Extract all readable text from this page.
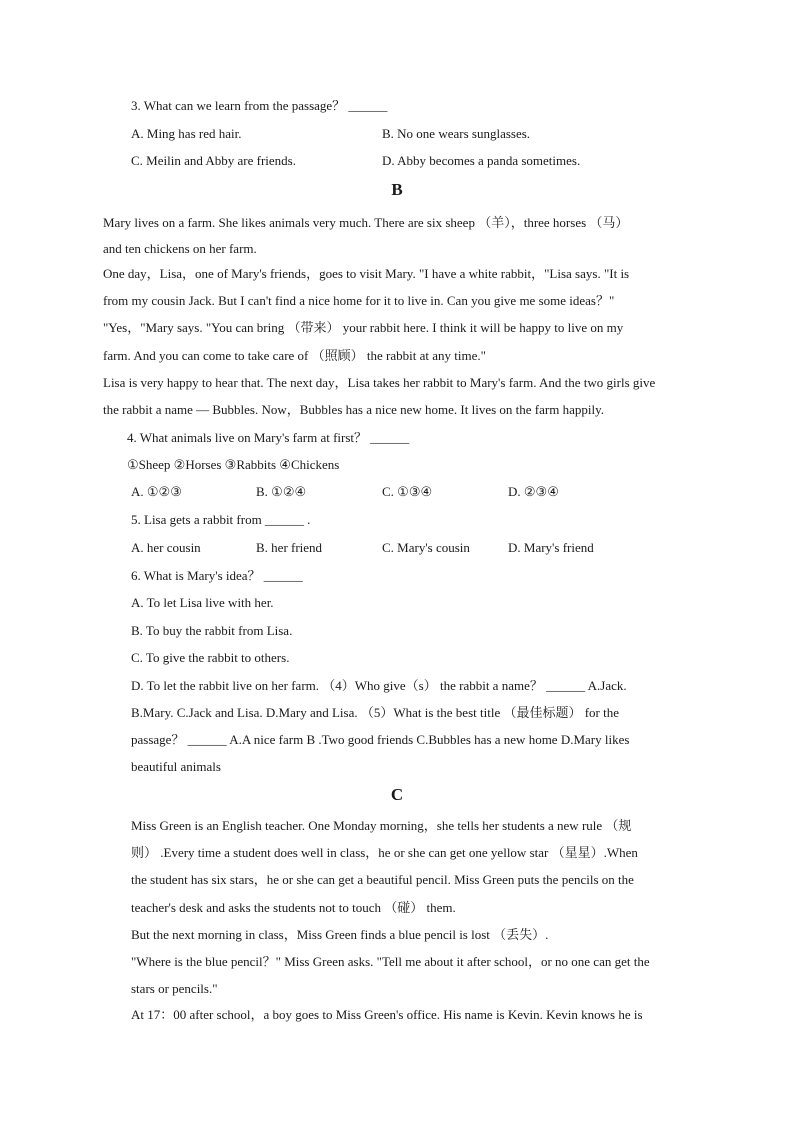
3. What can we learn from the passage？ ______
A. Ming has red hair.	B. No one wears sunglasses.
C. Meilin and Abby are friends.	D. Abby becomes a panda sometimes.
B
Mary lives on a farm. She likes animals very much. There are six sheep （羊），three horses （马）
and ten chickens on her farm.
One day，Lisa，one of Mary's friends，goes to visit Mary. "I have a white rabbit，"Lisa says. "It is
from my cousin Jack. But I can't find a nice home for it to live in. Can you give me some ideas？"
"Yes，"Mary says. "You can bring （带来） your rabbit here. I think it will be happy to live on my
farm. And you can come to take care of （照顾） the rabbit at any time."
Lisa is very happy to hear that. The next day，Lisa takes her rabbit to Mary's farm. And the two girls give
the rabbit a name — Bubbles. Now，Bubbles has a nice new home. It lives on the farm happily.
4. What animals live on Mary's farm at first？ ______
①Sheep ②Horses ③Rabbits ④Chickens
A. ①②③	B. ①②④	C. ①③④	D. ②③④
5. Lisa gets a rabbit from ______ .
A. her cousin	B. her friend	C. Mary's cousin	D. Mary's friend
6. What is Mary's idea？ ______
A. To let Lisa live with her.
B. To buy the rabbit from Lisa.
C. To give the rabbit to others.
D. To let the rabbit live on her farm. （4）Who give（s） the rabbit a name？ ______ A.Jack.
B.Mary. C.Jack and Lisa. D.Mary and Lisa. （5）What is the best title （最佳标题） for the
passage？ ______ A.A nice farm B .Two good friends C.Bubbles has a new home D.Mary likes
beautiful animals
C
Miss Green is an English teacher. One Monday morning，she tells her students a new rule （规
则） .Every time a student does well in class，he or she can get one yellow star （星星）.When
the student has six stars，he or she can get a beautiful pencil. Miss Green puts the pencils on the
teacher's desk and asks the students not to touch （碰） them.
But the next morning in class，Miss Green finds a blue pencil is lost （丢失）.
"Where is the blue pencil？" Miss Green asks. "Tell me about it after school，or no one can get the
stars or pencils."
At 17：00 after school，a boy goes to Miss Green's office. His name is Kevin. Kevin knows he is
